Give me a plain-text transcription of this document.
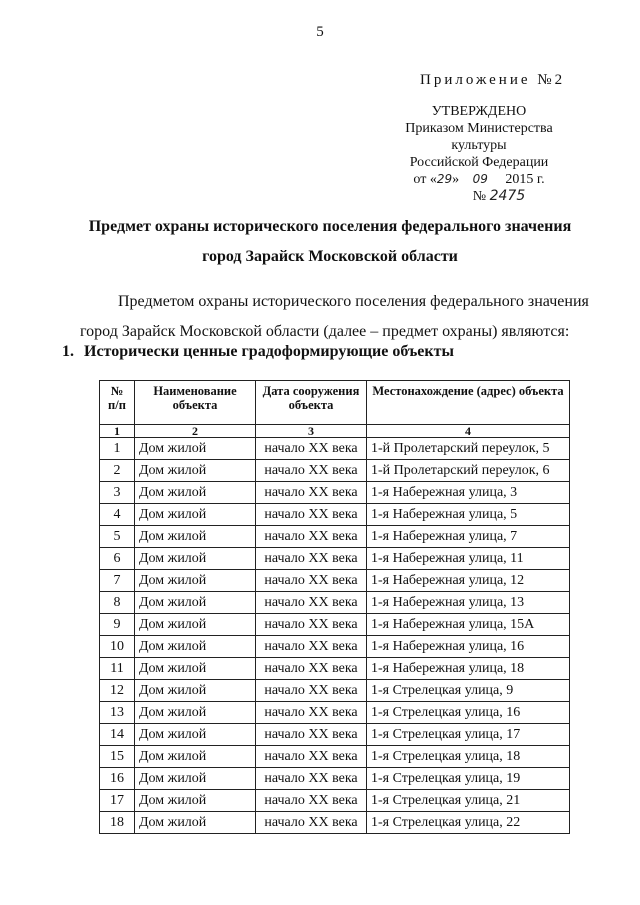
5
Приложение №2
УТВЕРЖДЕНО
Приказом Министерства культуры
Российской Федерации
от «29» 09 2015 г.
№ 2475
Предмет охраны исторического поселения федерального значения
город Зарайск Московской области
Предметом охраны исторического поселения федерального значения
город Зарайск Московской области (далее – предмет охраны) являются:
1. Исторически ценные градоформирующие объекты
№ п/п	Наименование объекта	Дата сооружения объекта	Местонахождение (адрес) объекта
1	2	3	4
1	Дом жилой	начало XX века	1-й Пролетарский переулок, 5
2	Дом жилой	начало XX века	1-й Пролетарский переулок, 6
3	Дом жилой	начало XX века	1-я Набережная улица, 3
4	Дом жилой	начало XX века	1-я Набережная улица, 5
5	Дом жилой	начало XX века	1-я Набережная улица, 7
6	Дом жилой	начало XX века	1-я Набережная улица, 11
7	Дом жилой	начало XX века	1-я Набережная улица, 12
8	Дом жилой	начало XX века	1-я Набережная улица, 13
9	Дом жилой	начало XX века	1-я Набережная улица, 15А
10	Дом жилой	начало XX века	1-я Набережная улица, 16
11	Дом жилой	начало XX века	1-я Набережная улица, 18
12	Дом жилой	начало XX века	1-я Стрелецкая улица, 9
13	Дом жилой	начало XX века	1-я Стрелецкая улица, 16
14	Дом жилой	начало XX века	1-я Стрелецкая улица, 17
15	Дом жилой	начало XX века	1-я Стрелецкая улица, 18
16	Дом жилой	начало XX века	1-я Стрелецкая улица, 19
17	Дом жилой	начало XX века	1-я Стрелецкая улица, 21
18	Дом жилой	начало XX века	1-я Стрелецкая улица, 22
